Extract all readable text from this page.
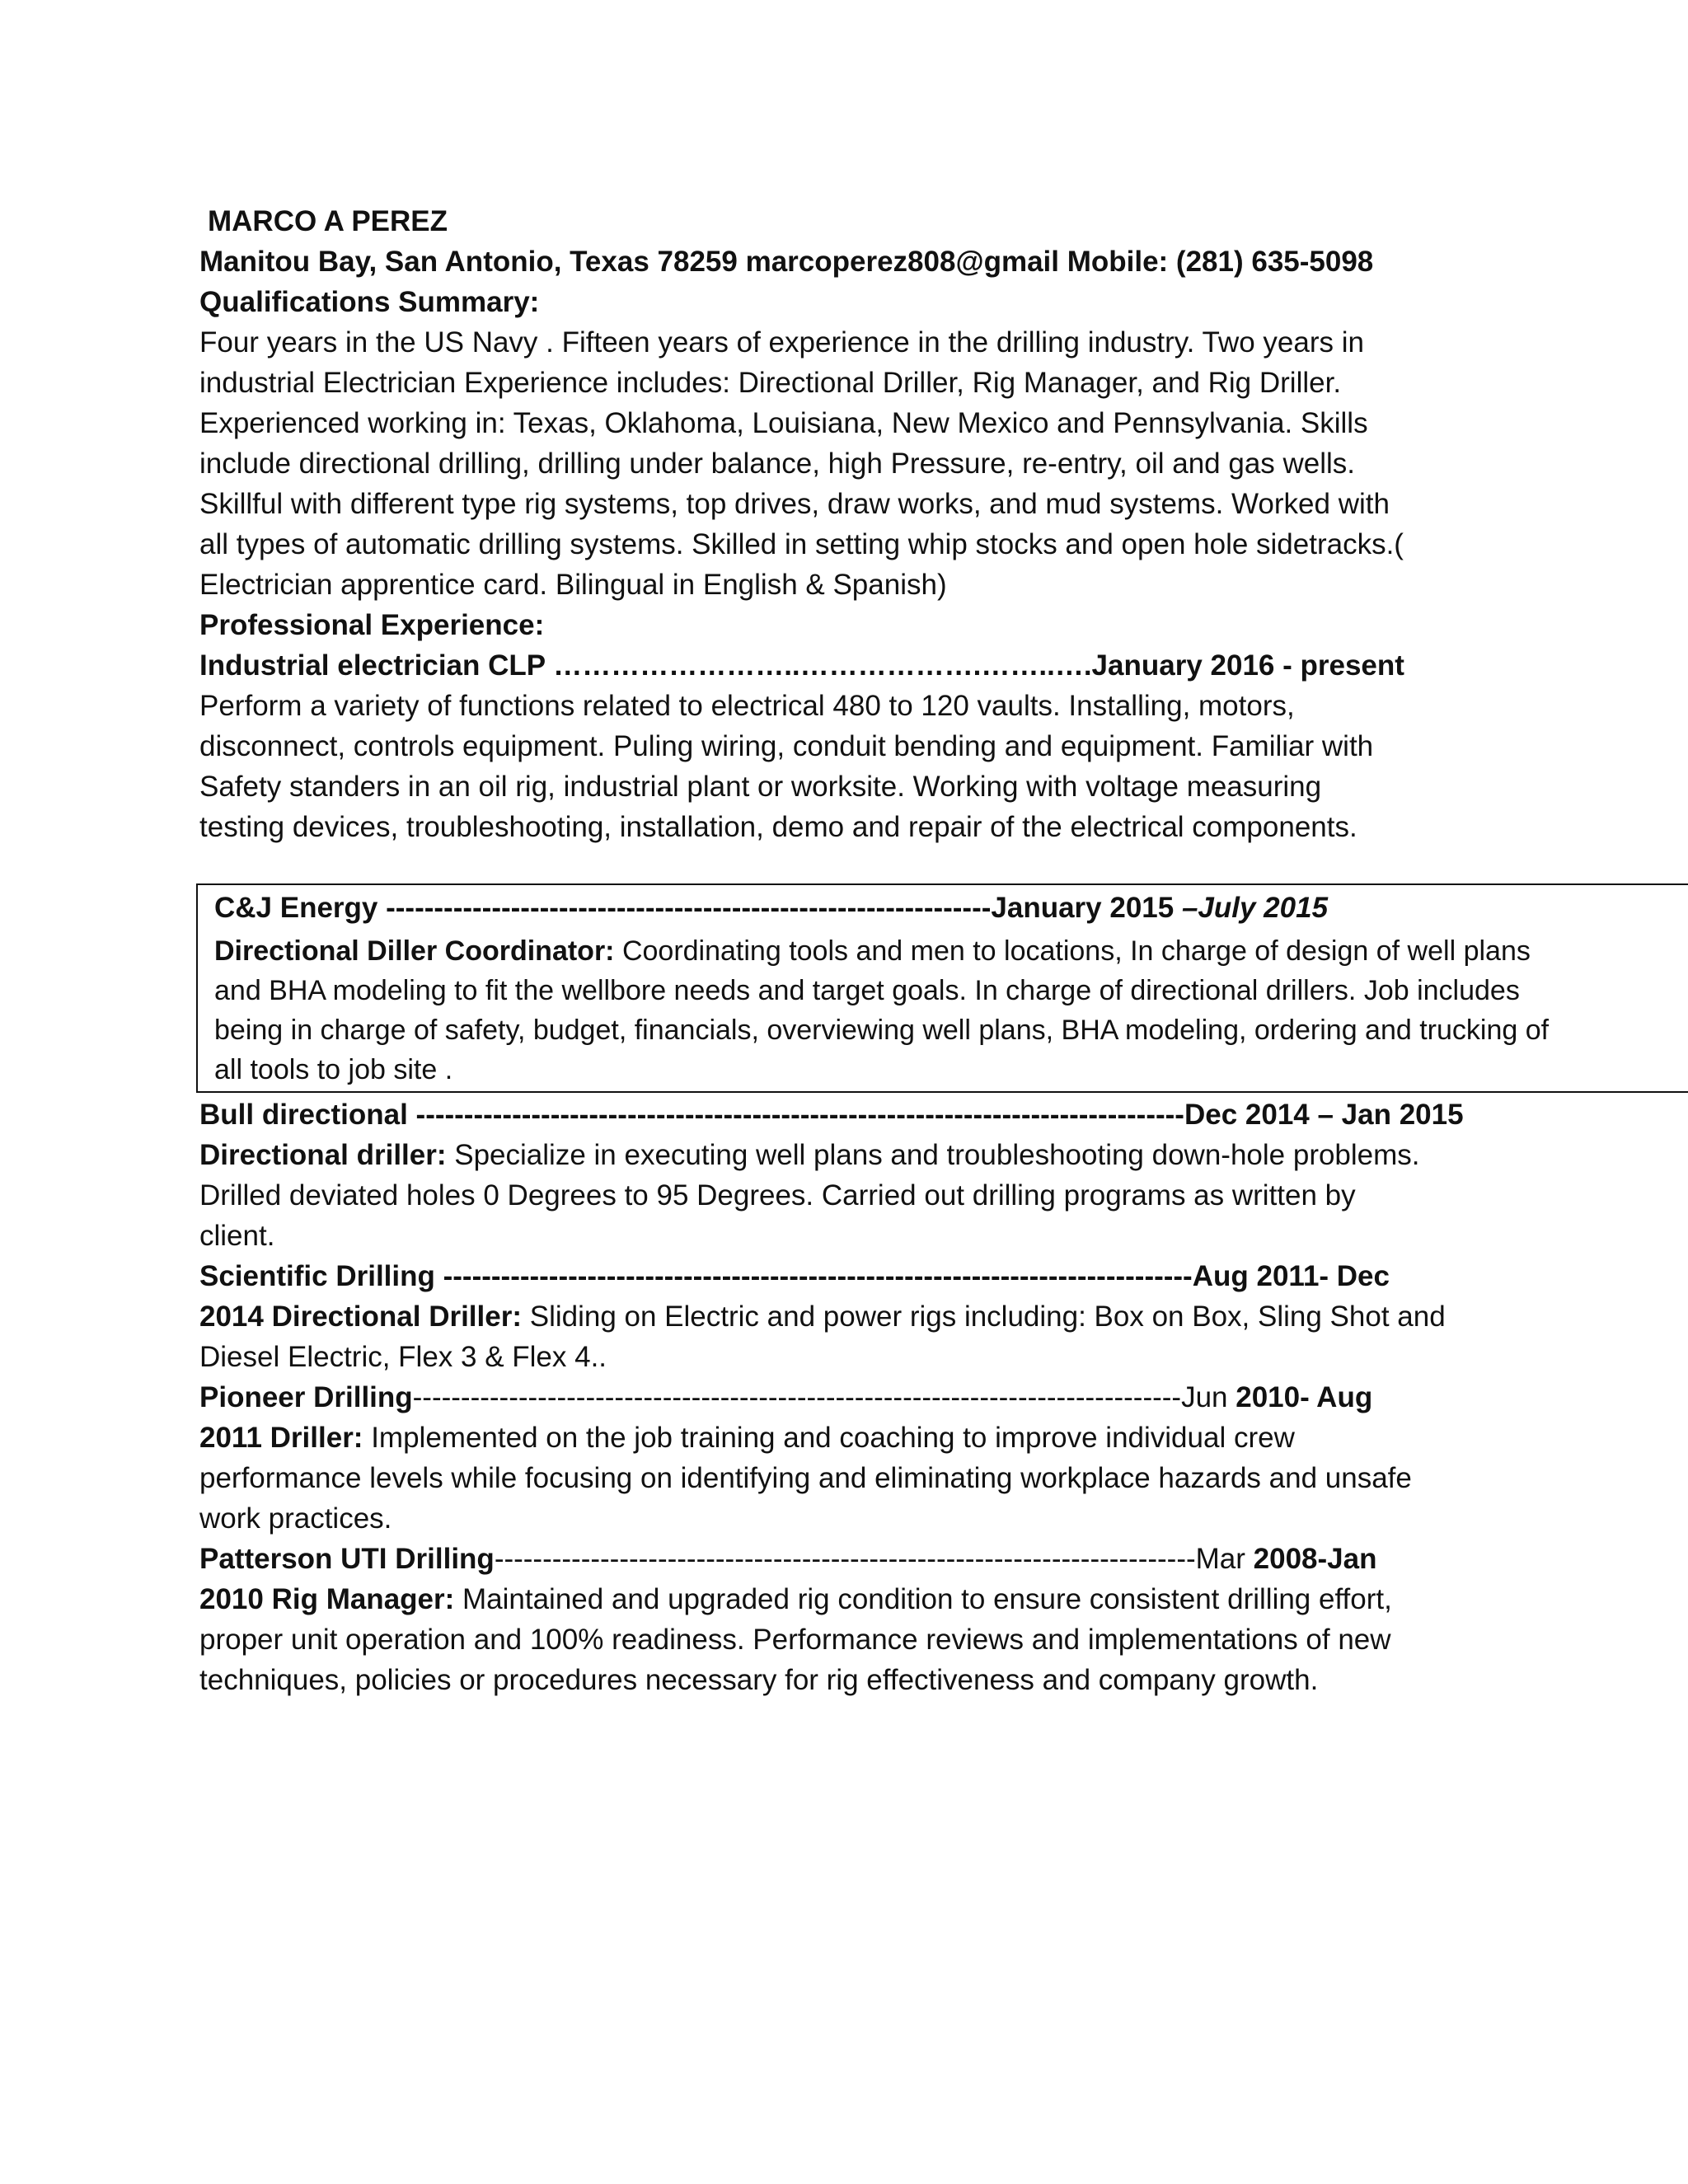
MARCO A PEREZ
Manitou Bay, San Antonio, Texas 78259 marcoperez808@gmail Mobile: (281) 635-5098
Qualifications Summary:
Four years in the US Navy . Fifteen years of experience in the drilling industry. Two years in
industrial Electrician Experience includes: Directional Driller, Rig Manager, and Rig Driller.
Experienced working in: Texas, Oklahoma, Louisiana, New Mexico and Pennsylvania. Skills
include directional drilling, drilling under balance, high Pressure, re-entry, oil and gas wells.
Skillful with different type rig systems, top drives, draw works, and mud systems. Worked with
all types of automatic drilling systems. Skilled in setting whip stocks and open hole sidetracks.(
Electrician apprentice card. Bilingual in English & Spanish)
Professional Experience:
Industrial electrician CLP ……………………..……………….……..….January 2016 - present
Perform a variety of functions related to electrical 480 to 120 vaults. Installing, motors,
disconnect, controls equipment. Puling wiring, conduit bending and equipment. Familiar with
Safety standers in an oil rig, industrial plant or worksite. Working with voltage measuring
testing devices, troubleshooting, installation, demo and repair of the electrical components.
C&J Energy ---------------------------------------------------------------January 2015 –July 2015
Directional Diller Coordinator: Coordinating tools and men to locations, In charge of design of well plans
and BHA modeling to fit the wellbore needs and target goals. In charge of directional drillers. Job includes
being in charge of safety, budget, financials, overviewing well plans, BHA modeling, ordering and trucking of
all tools to job site .
Bull directional --------------------------------------------------------------------------------Dec 2014 – Jan 2015
Directional driller: Specialize in executing well plans and troubleshooting down-hole problems.
Drilled deviated holes 0 Degrees to 95 Degrees. Carried out drilling programs as written by
client.
Scientific Drilling ------------------------------------------------------------------------------Aug 2011- Dec
2014 Directional Driller: Sliding on Electric and power rigs including: Box on Box, Sling Shot and
Diesel Electric, Flex 3 & Flex 4..
Pioneer Drilling--------------------------------------------------------------------------------Jun 2010- Aug
2011 Driller: Implemented on the job training and coaching to improve individual crew
performance levels while focusing on identifying and eliminating workplace hazards and unsafe
work practices.
Patterson UTI Drilling-------------------------------------------------------------------------Mar 2008-Jan
2010 Rig Manager: Maintained and upgraded rig condition to ensure consistent drilling effort,
proper unit operation and 100% readiness. Performance reviews and implementations of new
techniques, policies or procedures necessary for rig effectiveness and company growth.
